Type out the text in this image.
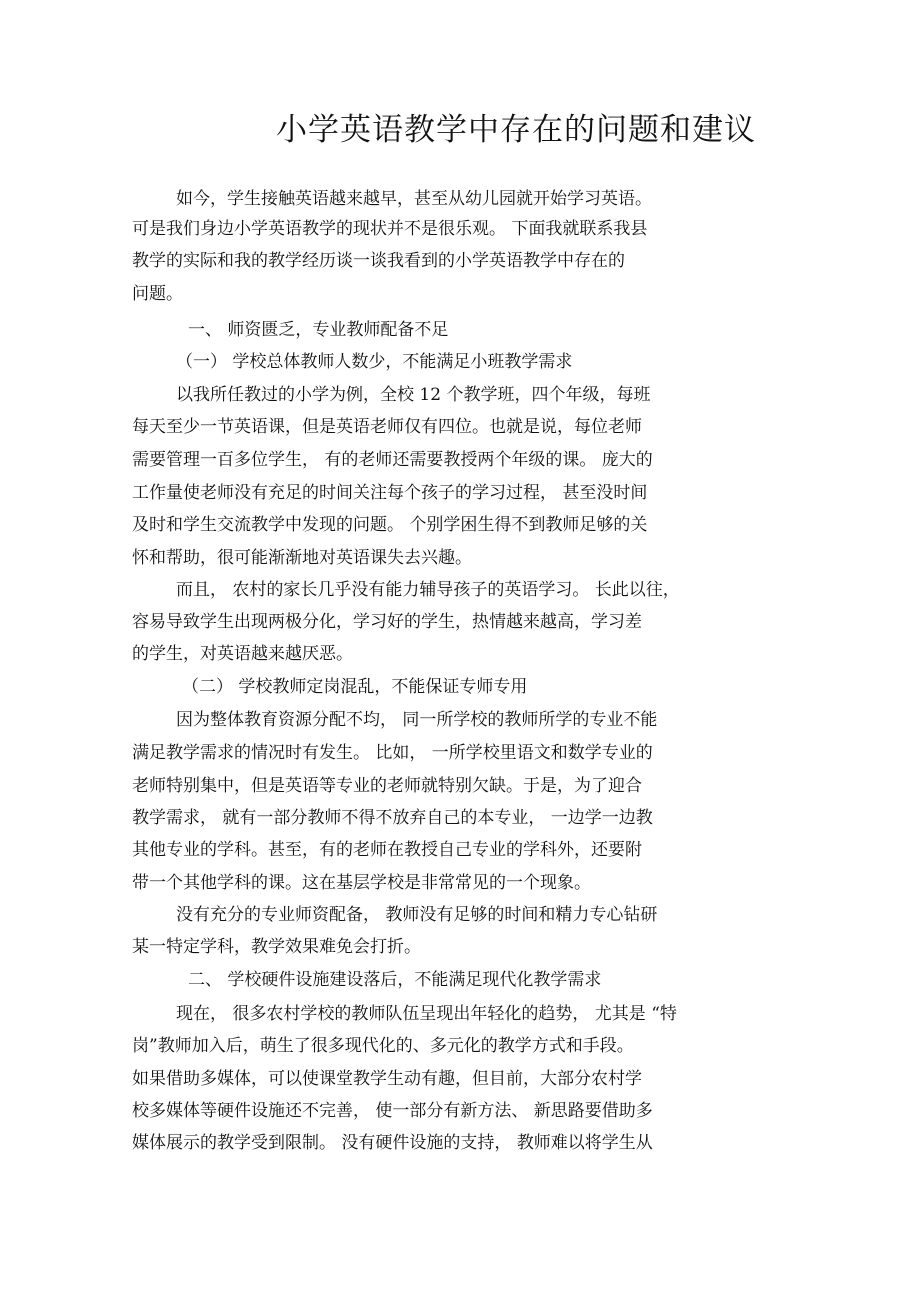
小学英语教学中存在的问题和建议
如今，学生接触英语越来越早，甚至从幼儿园就开始学习英语。
可是我们身边小学英语教学的现状并不是很乐观。 下面我就联系我县
教学的实际和我的教学经历谈一谈我看到的小学英语教学中存在的
问题。
一、 师资匮乏，专业教师配备不足
（一） 学校总体教师人数少，不能满足小班教学需求
以我所任教过的小学为例，全校 12 个教学班，四个年级，每班
每天至少一节英语课，但是英语老师仅有四位。也就是说，每位老师
需要管理一百多位学生， 有的老师还需要教授两个年级的课。 庞大的
工作量使老师没有充足的时间关注每个孩子的学习过程， 甚至没时间
及时和学生交流教学中发现的问题。 个别学困生得不到教师足够的关
怀和帮助，很可能渐渐地对英语课失去兴趣。
而且， 农村的家长几乎没有能力辅导孩子的英语学习。 长此以往，
容易导致学生出现两极分化，学习好的学生，热情越来越高，学习差
的学生，对英语越来越厌恶。
（二） 学校教师定岗混乱，不能保证专师专用
因为整体教育资源分配不均， 同一所学校的教师所学的专业不能
满足教学需求的情况时有发生。 比如， 一所学校里语文和数学专业的
老师特别集中，但是英语等专业的老师就特别欠缺。于是，为了迎合
教学需求， 就有一部分教师不得不放弃自己的本专业， 一边学一边教
其他专业的学科。甚至，有的老师在教授自己专业的学科外，还要附
带一个其他学科的课。这在基层学校是非常常见的一个现象。
没有充分的专业师资配备， 教师没有足够的时间和精力专心钻研
某一特定学科，教学效果难免会打折。
二、 学校硬件设施建设落后，不能满足现代化教学需求
现在， 很多农村学校的教师队伍呈现出年轻化的趋势， 尤其是 “特
岗”教师加入后，萌生了很多现代化的、多元化的教学方式和手段。
如果借助多媒体，可以使课堂教学生动有趣，但目前，大部分农村学
校多媒体等硬件设施还不完善， 使一部分有新方法、 新思路要借助多
媒体展示的教学受到限制。 没有硬件设施的支持， 教师难以将学生从
